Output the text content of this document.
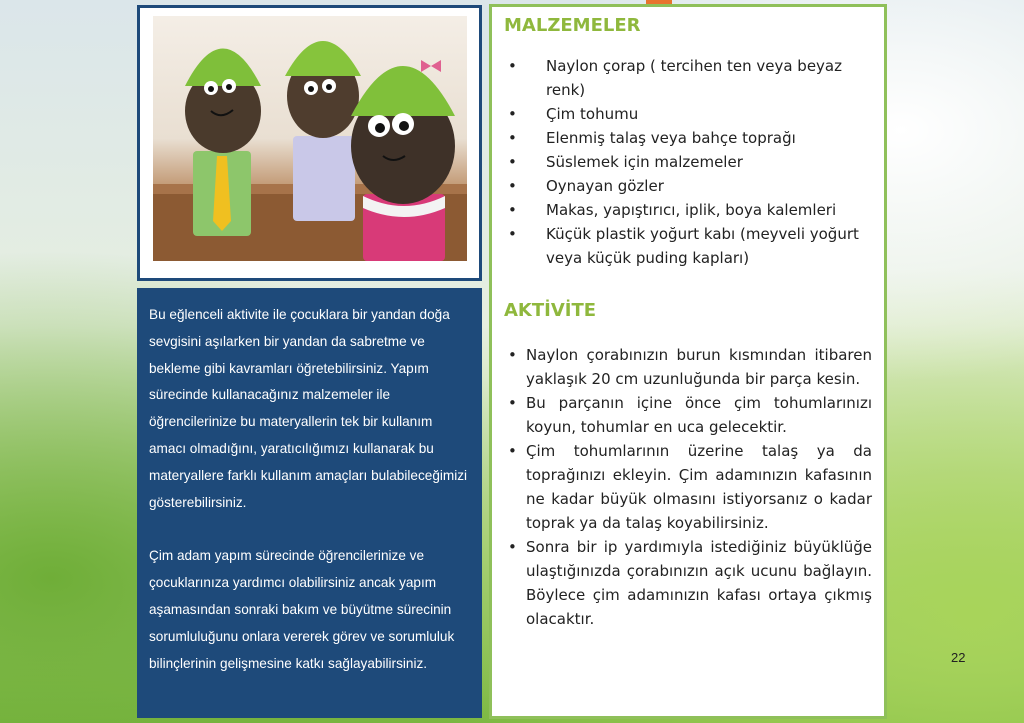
Bu eğlenceli aktivite ile çocuklara bir yandan doğa sevgisini aşılarken bir yandan da sabretme ve bekleme gibi kavramları öğretebilirsiniz. Yapım sürecinde kullanacağınız malzemeler ile öğrencilerinize bu materyallerin tek bir kullanım amacı olmadığını, yaratıcılığımızı kullanarak bu materyallere farklı kullanım amaçları bulabileceğimizi gösterebilirsiniz.

Çim adam yapım sürecinde öğrencilerinize ve çocuklarınıza yardımcı olabilirsiniz ancak yapım aşamasından sonraki bakım ve büyütme sürecinin sorumluluğunu onlara vererek görev ve sorumluluk bilinçlerinin gelişmesine katkı sağlayabilirsiniz.

MALZEMELER
• Naylon çorap ( tercihen ten veya beyaz renk)
• Çim tohumu
• Elenmiş talaş veya bahçe toprağı
• Süslemek için malzemeler
• Oynayan gözler
• Makas, yapıştırıcı, iplik, boya kalemleri
• Küçük plastik yoğurt kabı (meyveli yoğurt veya küçük puding kapları)
AKTİVİTE
• Naylon çorabınızın burun kısmından itibaren yaklaşık 20 cm uzunluğunda bir parça kesin.
• Bu parçanın içine önce çim tohumlarınızı koyun, tohumlar en uca gelecektir.
• Çim tohumlarının üzerine talaş ya da toprağınızı ekleyin. Çim adamınızın kafasının ne kadar büyük olmasını istiyorsanız o kadar toprak ya da talaş koyabilirsiniz.
• Sonra bir ip yardımıyla istediğiniz büyüklüğe ulaştığınızda çorabınızın açık ucunu bağlayın. Böylece çim adamınızın kafası ortaya çıkmış olacaktır.
22
